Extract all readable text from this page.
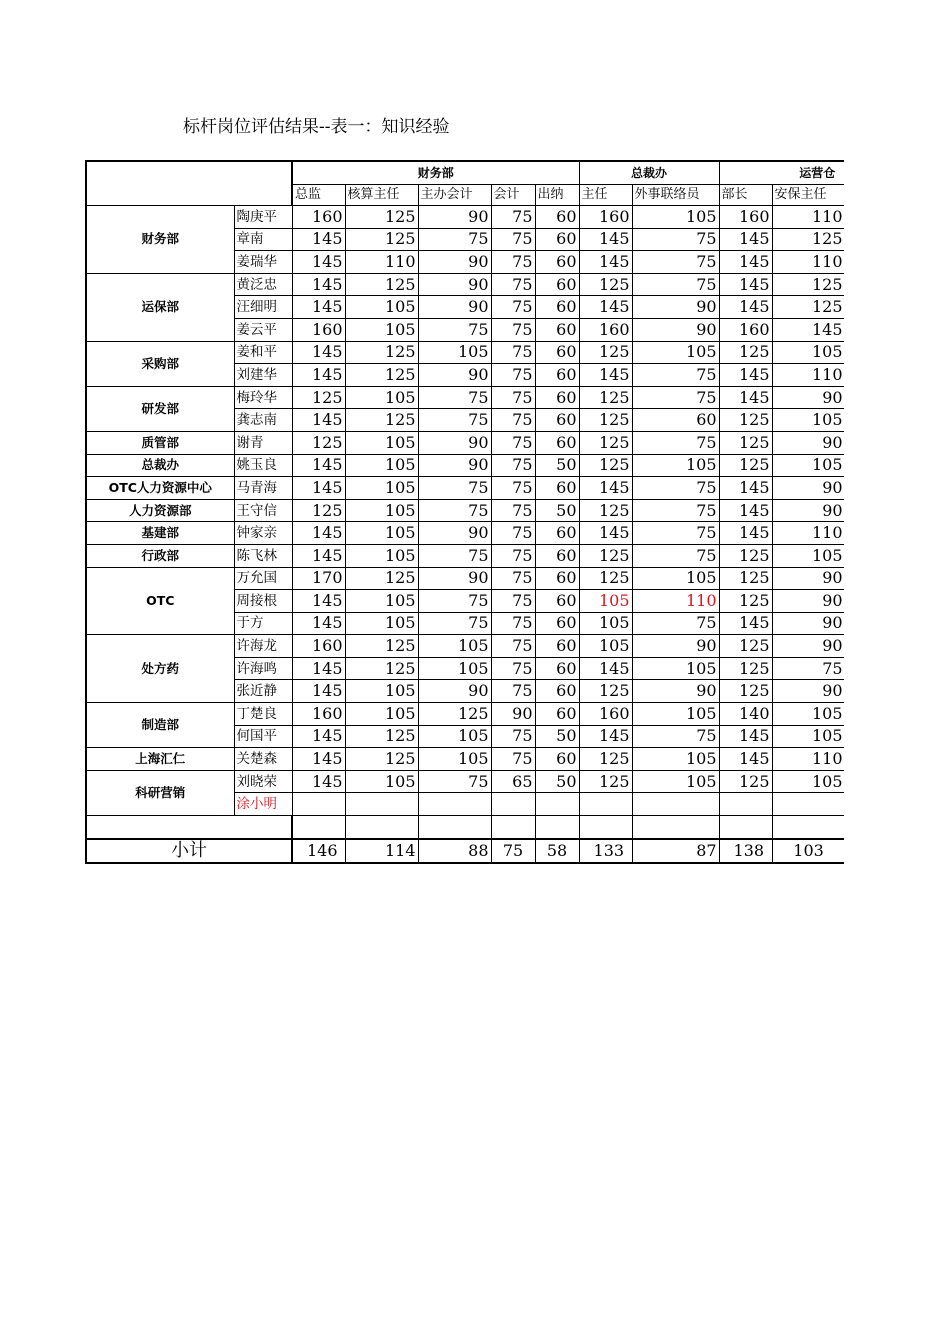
标杆岗位评估结果--表一：知识经验
		财务部					总裁办		运营仓		
		总监	核算主任	主办会计	会计	出纳	主任	外事联络员	部长	安保主任	
财务部	陶庚平	160	125	90	75	60	160	105	160	110	
	章南	145	125	75	75	60	145	75	145	125	
	姜瑞华	145	110	90	75	60	145	75	145	110	
运保部	黄泛忠	145	125	90	75	60	125	75	145	125	
	汪细明	145	105	90	75	60	145	90	145	125	
	姜云平	160	105	75	75	60	160	90	160	145	
采购部	姜和平	145	125	105	75	60	125	105	125	105	
	刘建华	145	125	90	75	60	145	75	145	110	
研发部	梅玲华	125	105	75	75	60	125	75	145	90	
	龚志南	145	125	75	75	60	125	60	125	105	
质管部	谢青	125	105	90	75	60	125	75	125	90	
总裁办	姚玉良	145	105	90	75	50	125	105	125	105	
OTC人力资源中心	马青海	145	105	75	75	60	145	75	145	90	
人力资源部	王守信	125	105	75	75	50	125	75	145	90	
基建部	钟家亲	145	105	90	75	60	145	75	145	110	
行政部	陈飞林	145	105	75	75	60	125	75	125	105	
OTC	万允国	170	125	90	75	60	125	105	125	90	
	周接根	145	105	75	75	60	105	110	125	90	
	于方	145	105	75	75	60	105	75	145	90	
处方药	许海龙	160	125	105	75	60	105	90	125	90	
	许海鸣	145	125	105	75	60	145	105	125	75	
	张近静	145	105	90	75	60	125	90	125	90	
制造部	丁楚良	160	105	125	90	60	160	105	140	105	
	何国平	145	125	105	75	50	145	75	145	105	
上海汇仁	关楚森	145	125	105	75	60	125	105	145	110	
科研营销	刘晓荣	145	105	75	65	50	125	105	125	105	
	涂小明										

小计		146	114	88	75	58	133	87	138	103	
